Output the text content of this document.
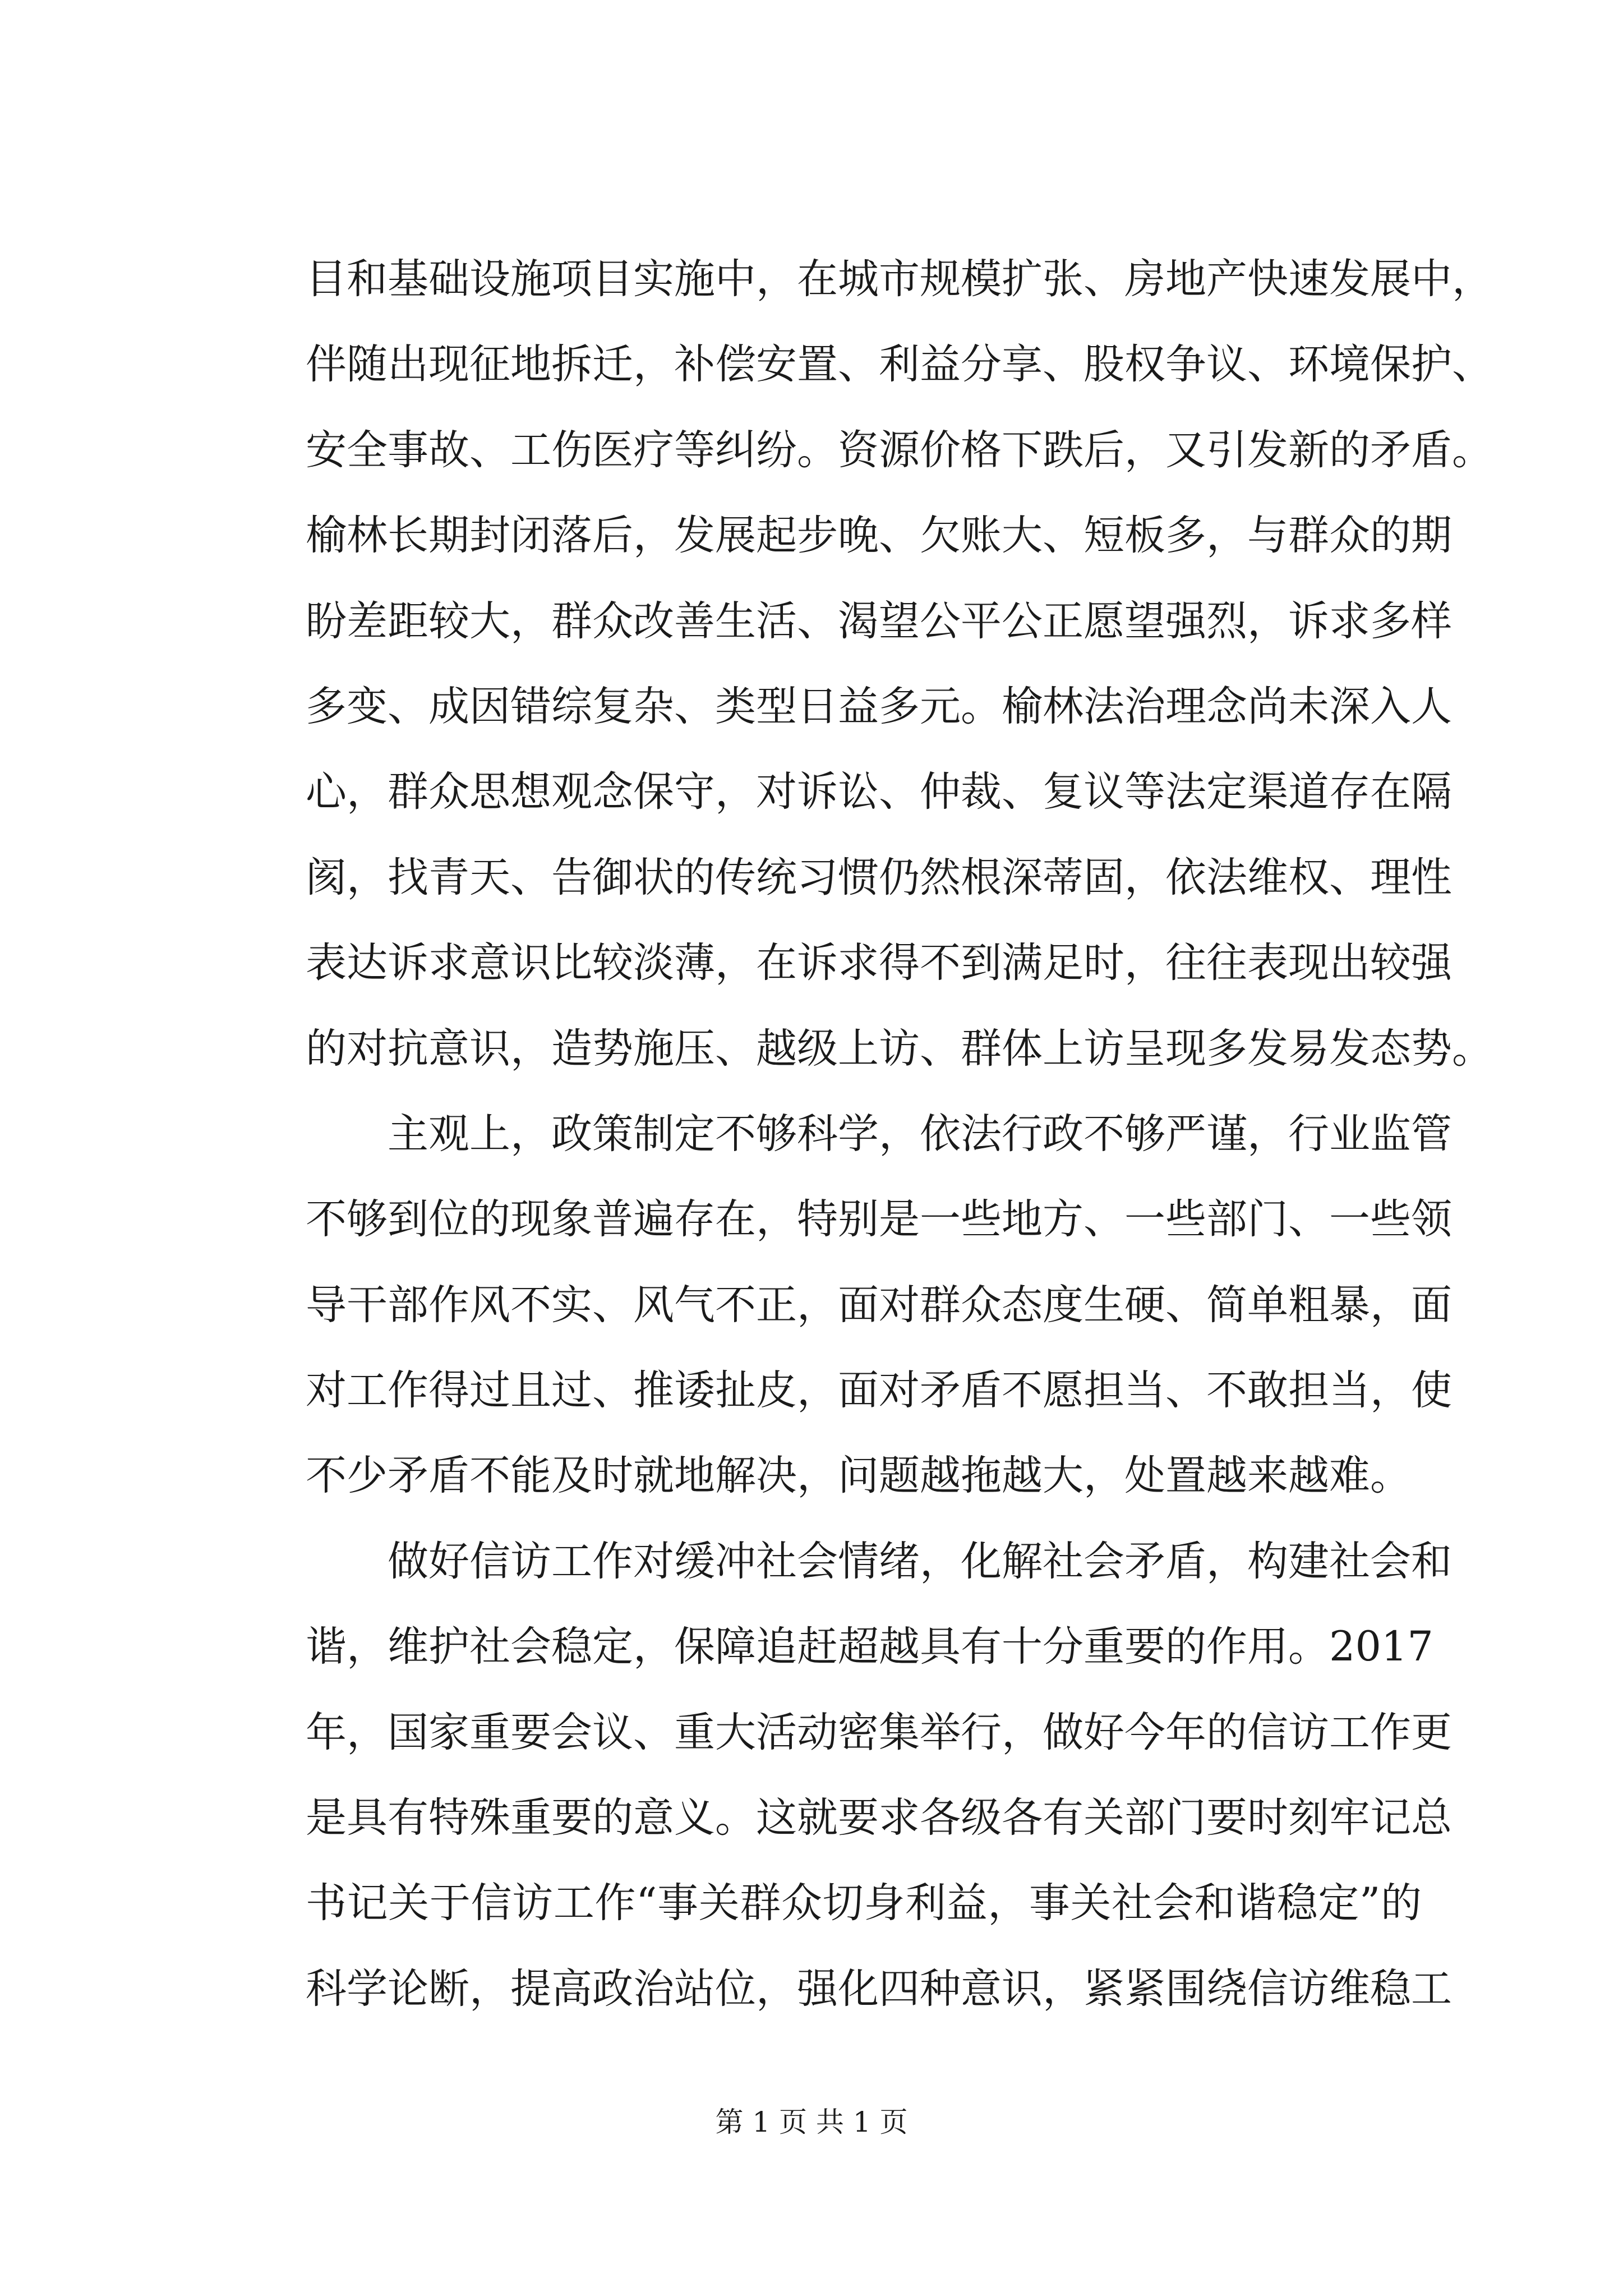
目和基础设施项目实施中，在城市规模扩张、房地产快速发展中，
伴随出现征地拆迁，补偿安置、利益分享、股权争议、环境保护、
安全事故、工伤医疗等纠纷。资源价格下跌后，又引发新的矛盾。
榆林长期封闭落后，发展起步晚、欠账大、短板多，与群众的期
盼差距较大，群众改善生活、渴望公平公正愿望强烈，诉求多样
多变、成因错综复杂、类型日益多元。榆林法治理念尚未深入人
心，群众思想观念保守，对诉讼、仲裁、复议等法定渠道存在隔
阂，找青天、告御状的传统习惯仍然根深蒂固，依法维权、理性
表达诉求意识比较淡薄，在诉求得不到满足时，往往表现出较强
的对抗意识，造势施压、越级上访、群体上访呈现多发易发态势。
主观上，政策制定不够科学，依法行政不够严谨，行业监管
不够到位的现象普遍存在，特别是一些地方、一些部门、一些领
导干部作风不实、风气不正，面对群众态度生硬、简单粗暴，面
对工作得过且过、推诿扯皮，面对矛盾不愿担当、不敢担当，使
不少矛盾不能及时就地解决，问题越拖越大，处置越来越难。
做好信访工作对缓冲社会情绪，化解社会矛盾，构建社会和
谐，维护社会稳定，保障追赶超越具有十分重要的作用。2017
年，国家重要会议、重大活动密集举行，做好今年的信访工作更
是具有特殊重要的意义。这就要求各级各有关部门要时刻牢记总
书记关于信访工作“事关群众切身利益，事关社会和谐稳定”的
科学论断，提高政治站位，强化四种意识，紧紧围绕信访维稳工
第 1 页 共 1 页
